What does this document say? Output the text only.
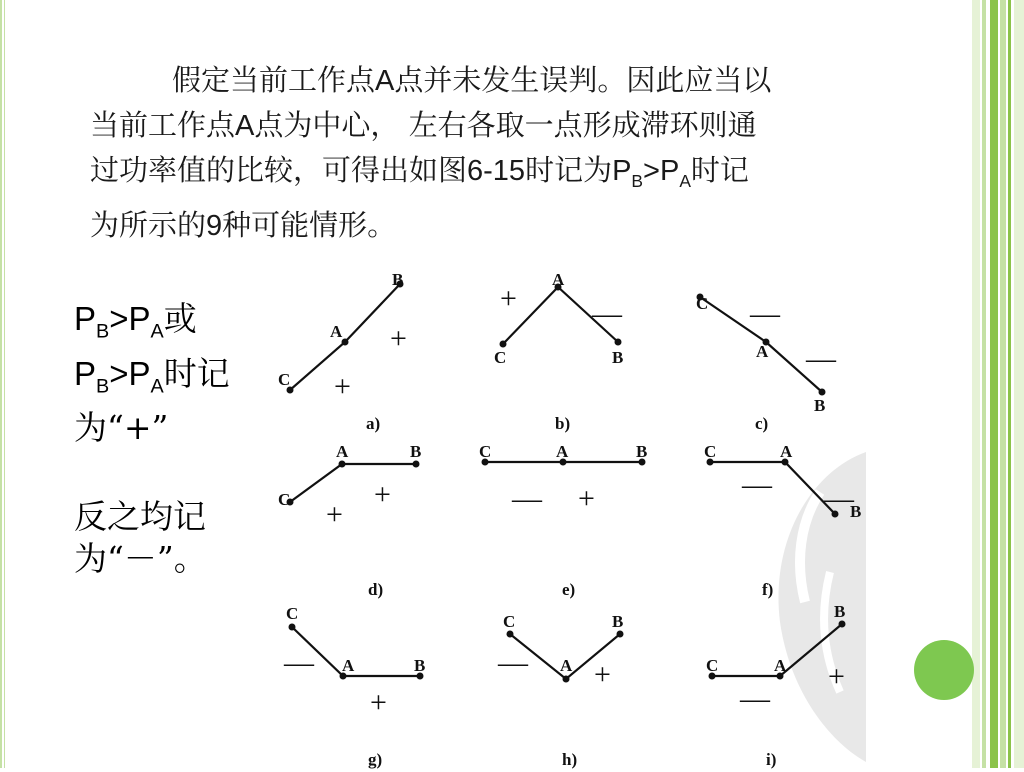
假定当前工作点A点并未发生误判。因此应当以
当前工作点A点为中心， 左右各取一点形成滞环则通
过功率值的比较，可得出如图6-15时记为$P_B>P_A$时记
为所示的9种可能情形。
$P_B>P_A$或
$P_B>P_A$时记
为“+”
反之均记
为“－”。
C
A
B
+
+
a)
A
C	B
+	—
b)
C
A
B
—
—
c)
A	B
C +
+
d)
C	A	B
— +
e)
C	A
B
— —
f)
C
A	B
—
+
g)
C	B
A
— +
h)
B
C	A +
—
i)
